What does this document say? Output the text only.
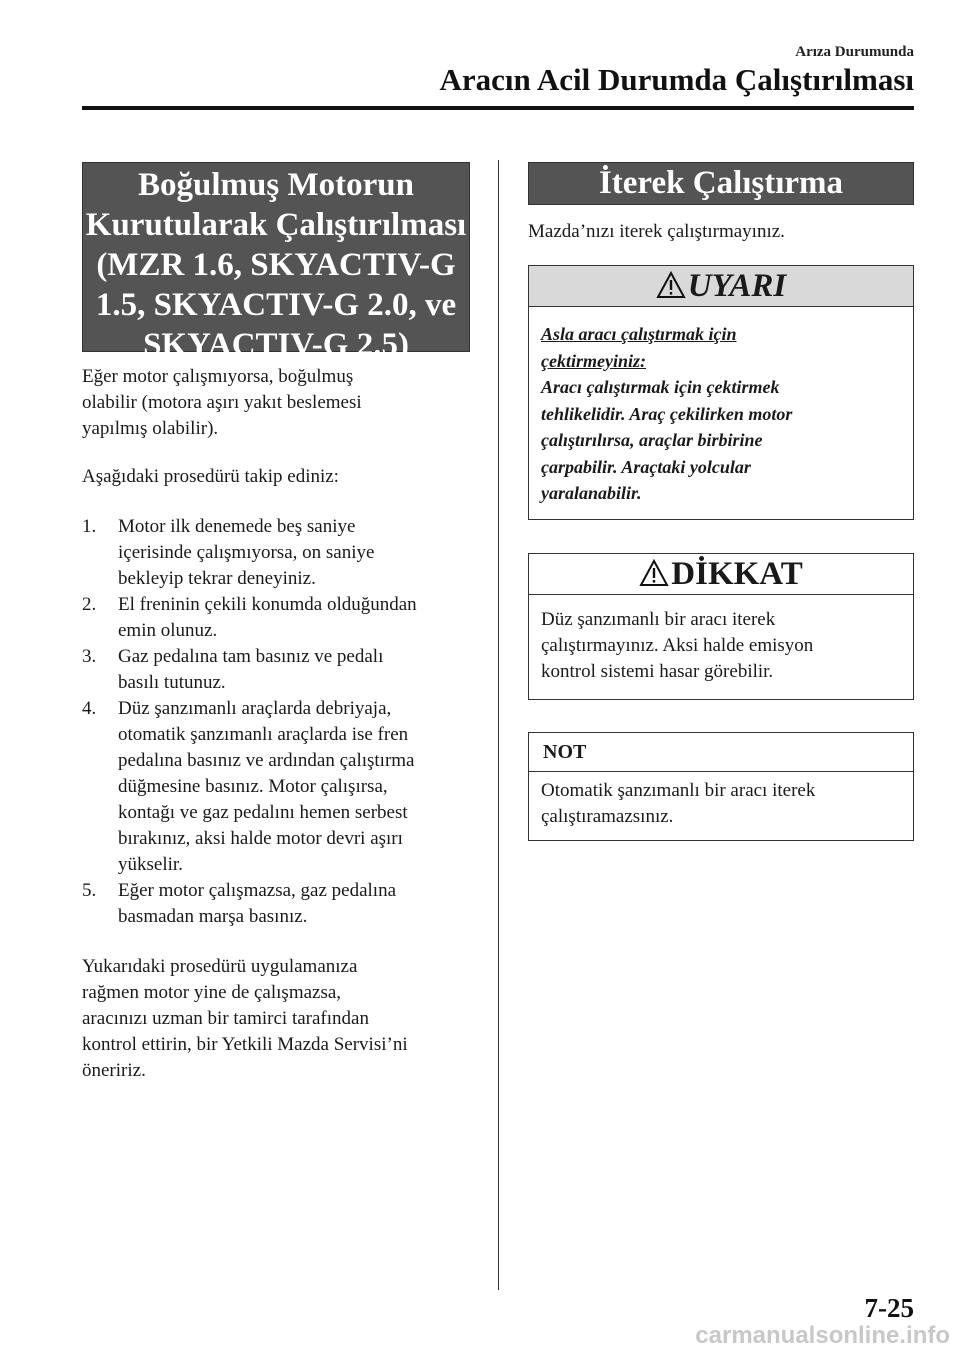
Arıza Durumunda
Aracın Acil Durumda Çalıştırılması
Boğulmuş Motorun
Kurutularak Çalıştırılması
(MZR 1.6, SKYACTIV-G
1.5, SKYACTIV-G 2.0, ve
SKYACTIV-G 2.5)

Eğer motor çalışmıyorsa, boğulmuş
olabilir (motora aşırı yakıt beslemesi
yapılmış olabilir).

Aşağıdaki prosedürü takip ediniz:

1.	Motor ilk denemede beş saniye
içerisinde çalışmıyorsa, on saniye
bekleyip tekrar deneyiniz.
2.	El freninin çekili konumda olduğundan
emin olunuz.
3.	Gaz pedalına tam basınız ve pedalı
basılı tutunuz.
4.	Düz şanzımanlı araçlarda debriyaja,
otomatik şanzımanlı araçlarda ise fren
pedalına basınız ve ardından çalıştırma
düğmesine basınız. Motor çalışırsa,
kontağı ve gaz pedalını hemen serbest
bırakınız, aksi halde motor devri aşırı
yükselir.
5.	Eğer motor çalışmazsa, gaz pedalına
basmadan marşa basınız.

Yukarıdaki prosedürü uygulamanıza
rağmen motor yine de çalışmazsa,
aracınızı uzman bir tamirci tarafından
kontrol ettirin, bir Yetkili Mazda Servisi’ni
öneririz.

İterek Çalıştırma

Mazda’nızı iterek çalıştırmayınız.

UYARI
Asla aracı çalıştırmak için
çektirmeyiniz:
Aracı çalıştırmak için çektirmek
tehlikelidir. Araç çekilirken motor
çalıştırılırsa, araçlar birbirine
çarpabilir. Araçtaki yolcular
yaralanabilir.
DİKKAT
Düz şanzımanlı bir aracı iterek
çalıştırmayınız. Aksi halde emisyon
kontrol sistemi hasar görebilir.
NOT
Otomatik şanzımanlı bir aracı iterek
çalıştıramazsınız.
7-25
carmanualsonline.info
